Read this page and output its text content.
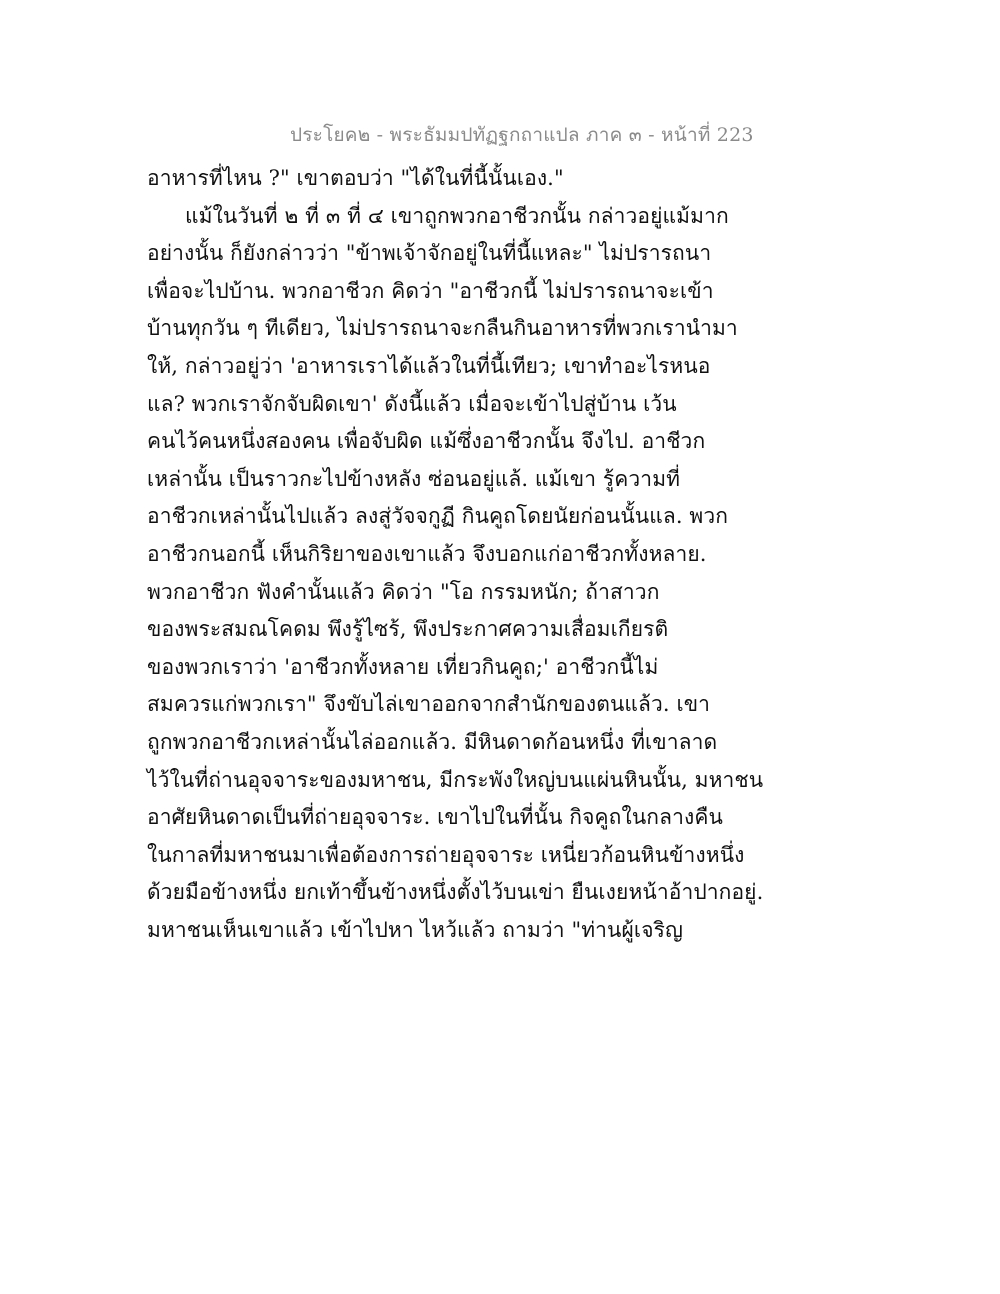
ประโยค๒ - พระธัมมปทัฏฐกถาแปล ภาค ๓ - หน้าที่ 223
อาหารที่ไหน ?" เขาตอบว่า "ได้ในที่นี้นั้นเอง."
แม้ในวันที่ ๒ ที่ ๓ ที่ ๔ เขาถูกพวกอาชีวกนั้น กล่าวอยู่แม้มาก
อย่างนั้น ก็ยังกล่าวว่า "ข้าพเจ้าจักอยู่ในที่นี้แหละ" ไม่ปรารถนา
เพื่อจะไปบ้าน. พวกอาชีวก คิดว่า "อาชีวกนี้ ไม่ปรารถนาจะเข้า
บ้านทุกวัน ๆ ทีเดียว, ไม่ปรารถนาจะกลืนกินอาหารที่พวกเรานำมา
ให้, กล่าวอยู่ว่า 'อาหารเราได้แล้วในที่นี้เทียว; เขาทำอะไรหนอ
แล? พวกเราจักจับผิดเขา' ดังนี้แล้ว เมื่อจะเข้าไปสู่บ้าน เว้น
คนไว้คนหนึ่งสองคน เพื่อจับผิด แม้ซึ่งอาชีวกนั้น จึงไป. อาชีวก
เหล่านั้น เป็นราวกะไปข้างหลัง ซ่อนอยู่แล้. แม้เขา รู้ความที่
อาชีวกเหล่านั้นไปแล้ว ลงสู่วัจจกูฏี กินคูถโดยนัยก่อนนั้นแล. พวก
อาชีวกนอกนี้ เห็นกิริยาของเขาแล้ว จึงบอกแก่อาชีวกทั้งหลาย.
พวกอาชีวก ฟังคำนั้นแล้ว คิดว่า "โอ กรรมหนัก; ถ้าสาวก
ของพระสมณโคดม พึงรู้ไซร้, พึงประกาศความเสื่อมเกียรติ
ของพวกเราว่า 'อาชีวกทั้งหลาย เที่ยวกินคูถ;' อาชีวกนี้ไม่
สมควรแก่พวกเรา" จึงขับไล่เขาออกจากสำนักของตนแล้ว. เขา
ถูกพวกอาชีวกเหล่านั้นไล่ออกแล้ว. มีหินดาดก้อนหนึ่ง ที่เขาลาด
ไว้ในที่ถ่านอุจจาระของมหาชน, มีกระพังใหญ่บนแผ่นหินนั้น, มหาชน
อาศัยหินดาดเป็นที่ถ่ายอุจจาระ. เขาไปในที่นั้น กิจคูถในกลางคืน
ในกาลที่มหาชนมาเพื่อต้องการถ่ายอุจจาระ เหนี่ยวก้อนหินข้างหนึ่ง
ด้วยมือข้างหนึ่ง ยกเท้าขึ้นข้างหนึ่งตั้งไว้บนเข่า ยืนเงยหน้าอ้าปากอยู่.
มหาชนเห็นเขาแล้ว เข้าไปหา ไหว้แล้ว ถามว่า "ท่านผู้เจริญ
